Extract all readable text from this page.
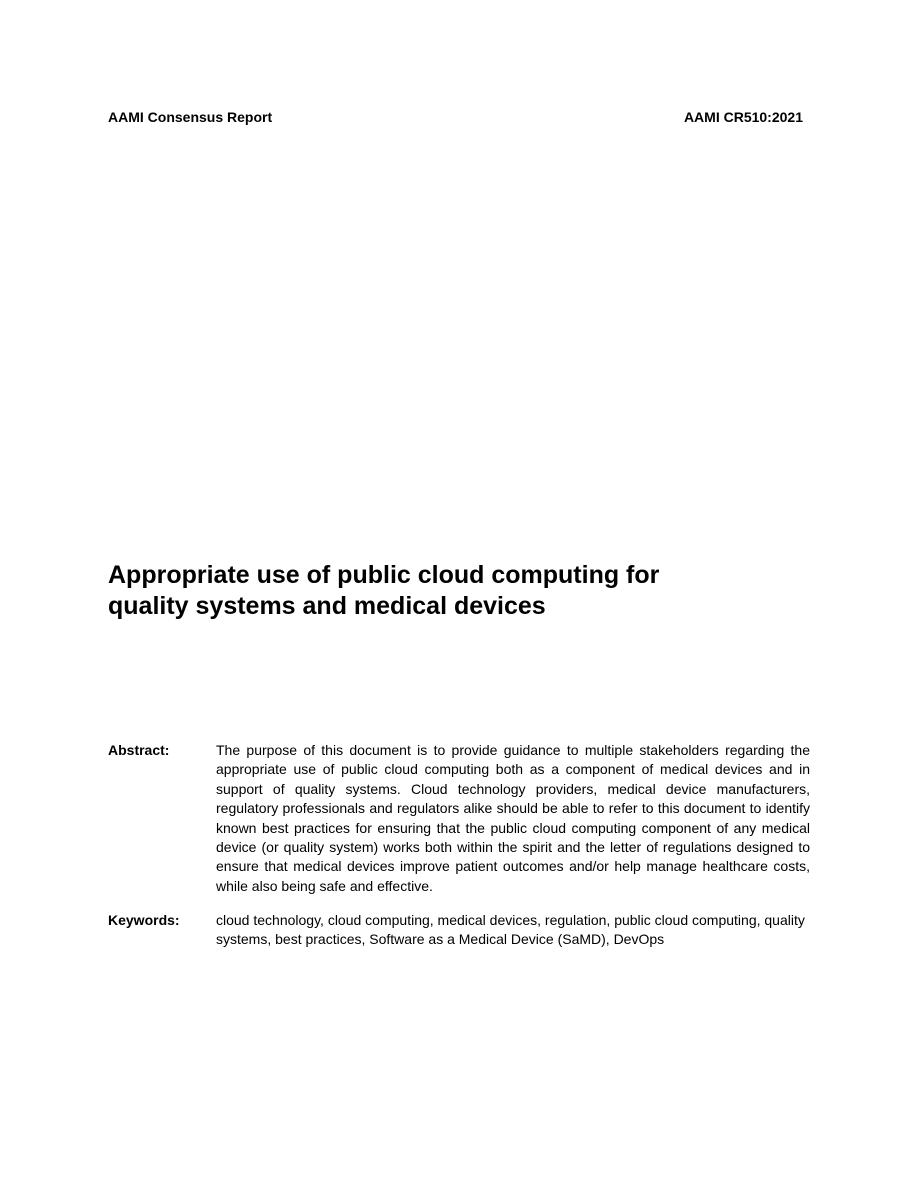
AAMI Consensus Report	AAMI CR510:2021
Appropriate use of public cloud computing for
quality systems and medical devices
Abstract:	The purpose of this document is to provide guidance to multiple stakeholders regarding the appropriate use of public cloud computing both as a component of medical devices and in support of quality systems. Cloud technology providers, medical device manufacturers, regulatory professionals and regulators alike should be able to refer to this document to identify known best practices for ensuring that the public cloud computing component of any medical device (or quality system) works both within the spirit and the letter of regulations designed to ensure that medical devices improve patient outcomes and/or help manage healthcare costs, while also being safe and effective.

Keywords:	cloud technology, cloud computing, medical devices, regulation, public cloud computing, quality systems, best practices, Software as a Medical Device (SaMD), DevOps
